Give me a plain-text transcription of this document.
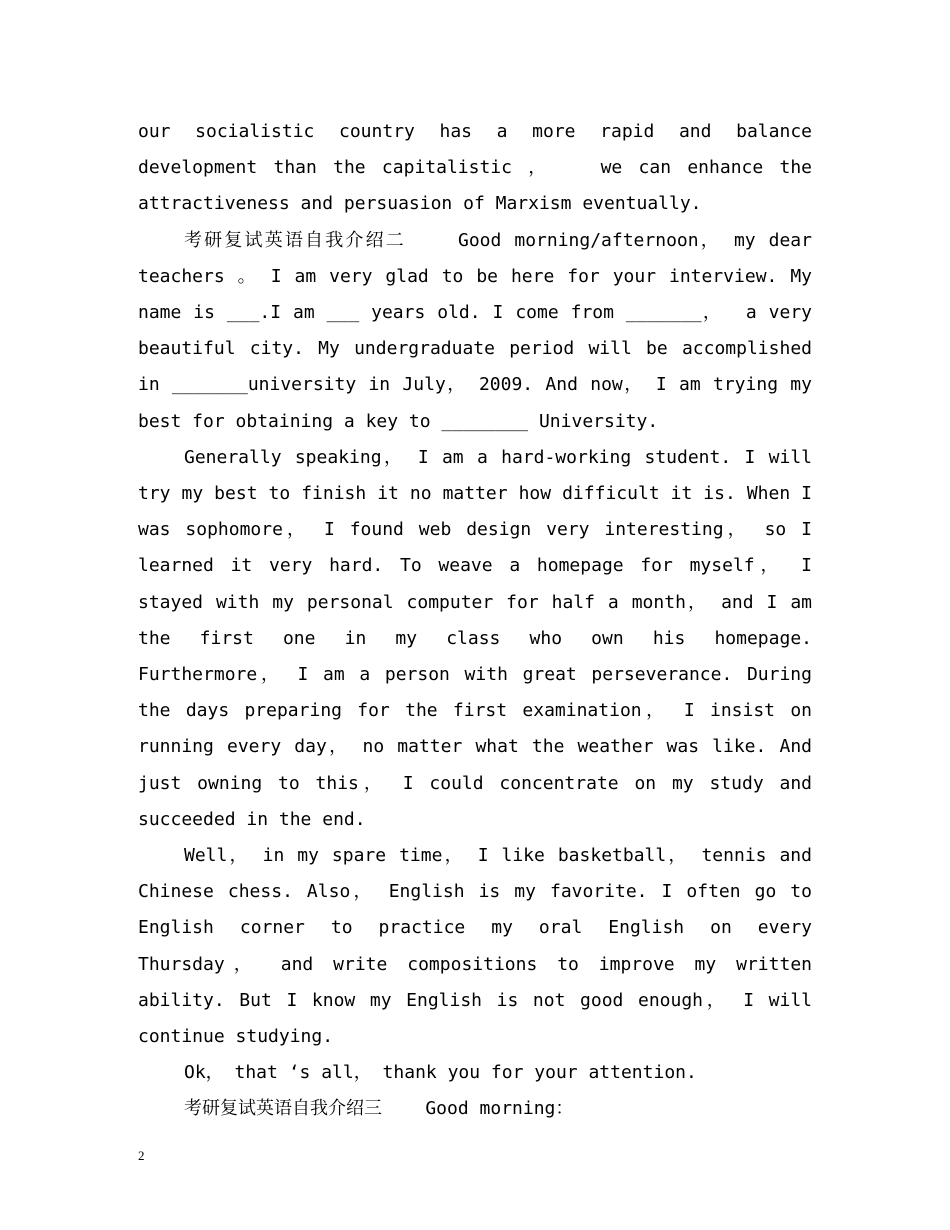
our socialistic country has a more rapid and balance development than the capitalistic ，   we can enhance the attractiveness and persuasion of Marxism eventually.

考研复试英语自我介绍二    Good morning/afternoon， my dear teachers 。 I am very glad to be here for your interview. My name is ___.I am ___ years old. I come from _______，  a very beautiful city. My undergraduate period will be accomplished in _______university in July， 2009. And now， I am trying my best for obtaining a key to ________ University.

Generally speaking， I am a hard-working student. I will try my best to finish it no matter how difficult it is. When I was sophomore， I found web design very interesting， so I learned it very hard. To weave a homepage for myself， I stayed with my personal computer for half a month， and I am the first one in my class who own his homepage. Furthermore， I am a person with great perseverance. During the days preparing for the first examination， I insist on running every day， no matter what the weather was like. And just owning to this， I could concentrate on my study and succeeded in the end.

Well， in my spare time， I like basketball， tennis and Chinese chess. Also， English is my favorite. I often go to English corner to practice my oral English on every Thursday， and write compositions to improve my written ability. But I know my English is not good enough， I will continue studying.

Ok， that ‘s all， thank you for your attention.

考研复试英语自我介绍三    Good morning：

2
